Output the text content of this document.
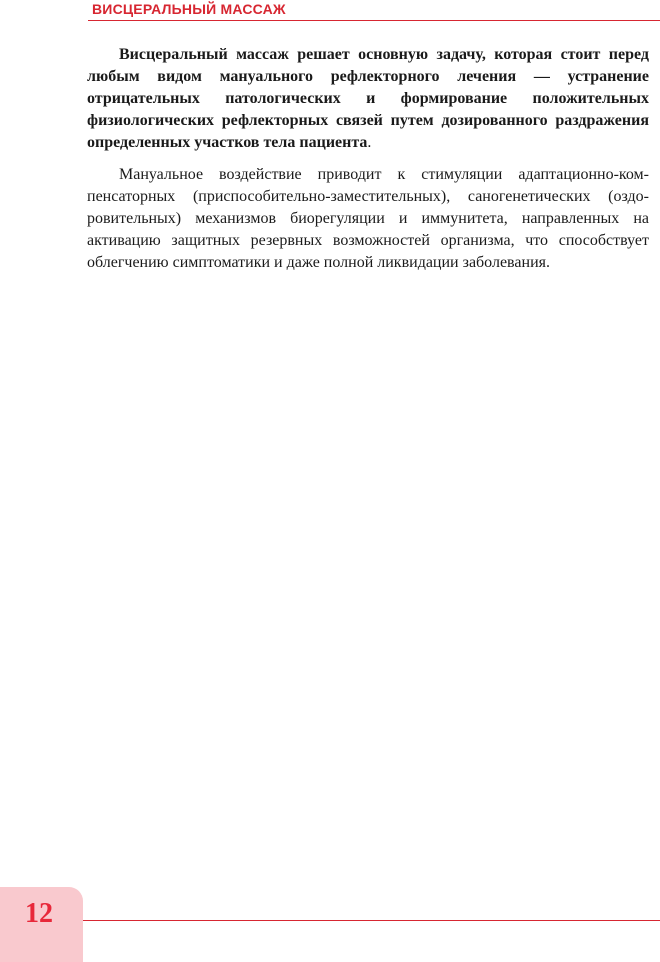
ВИСЦЕРАЛЬНЫЙ МАССАЖ

Висцеральный массаж решает основную задачу, которая стоит перед любым видом мануального рефлекторного лечения — устранение отрицательных патологических и формирование положительных физиологических рефлекторных связей путем дозированного раздражения определенных участков тела пациента.

Мануальное воздействие приводит к стимуляции адаптационно-компенсаторных (приспособительно-заместительных), саногенетических (оздоровительных) механизмов биорегуляции и иммунитета, направленных на активацию защитных резервных возможностей организма, что способствует облегчению симптоматики и даже полной ликвидации заболевания.

12
